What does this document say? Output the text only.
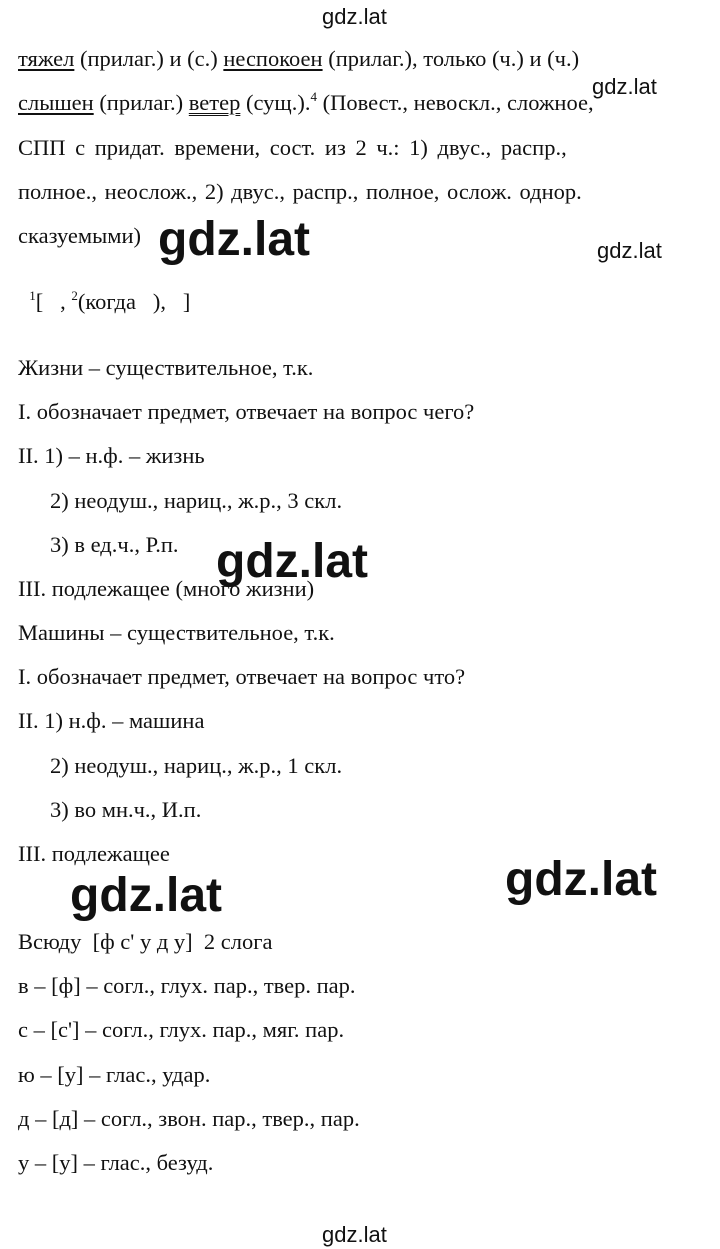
gdz.lat
gdz.lat
gdz.lat	gdz.lat
gdz.lat
gdz.lat
gdz.lat
gdz.lat
тяжел (прилаг.) и (с.) неспокоен (прилаг.), только (ч.) и (ч.)
слышен (прилаг.) ветер (сущ.).$^4$ (Повест., невоскл., сложное,
СПП с придат. времени, сост. из 2 ч.: 1) двус., распр.,
полное., неослож., 2) двус., распр., полное, ослож. однор.
сказуемыми)

$^1$[   , $^2$(когда   ),   ]

Жизни – существительное, т.к.
I. обозначает предмет, отвечает на вопрос чего?
II. 1) – н.ф. – жизнь
2) неодуш., нариц., ж.р., 3 скл.
3) в ед.ч., Р.п.
III. подлежащее (много жизни)
Машины – существительное, т.к.
I. обозначает предмет, отвечает на вопрос что?
II. 1) н.ф. – машина
2) неодуш., нариц., ж.р., 1 скл.
3) во мн.ч., И.п.
III. подлежащее
Всюду  [ф с' у д у]  2 слога
в – [ф] – согл., глух. пар., твер. пар.
с – [с'] – согл., глух. пар., мяг. пар.
ю – [у] – глас., удар.
д – [д] – согл., звон. пар., твер., пар.
у – [у] – глас., безуд.
